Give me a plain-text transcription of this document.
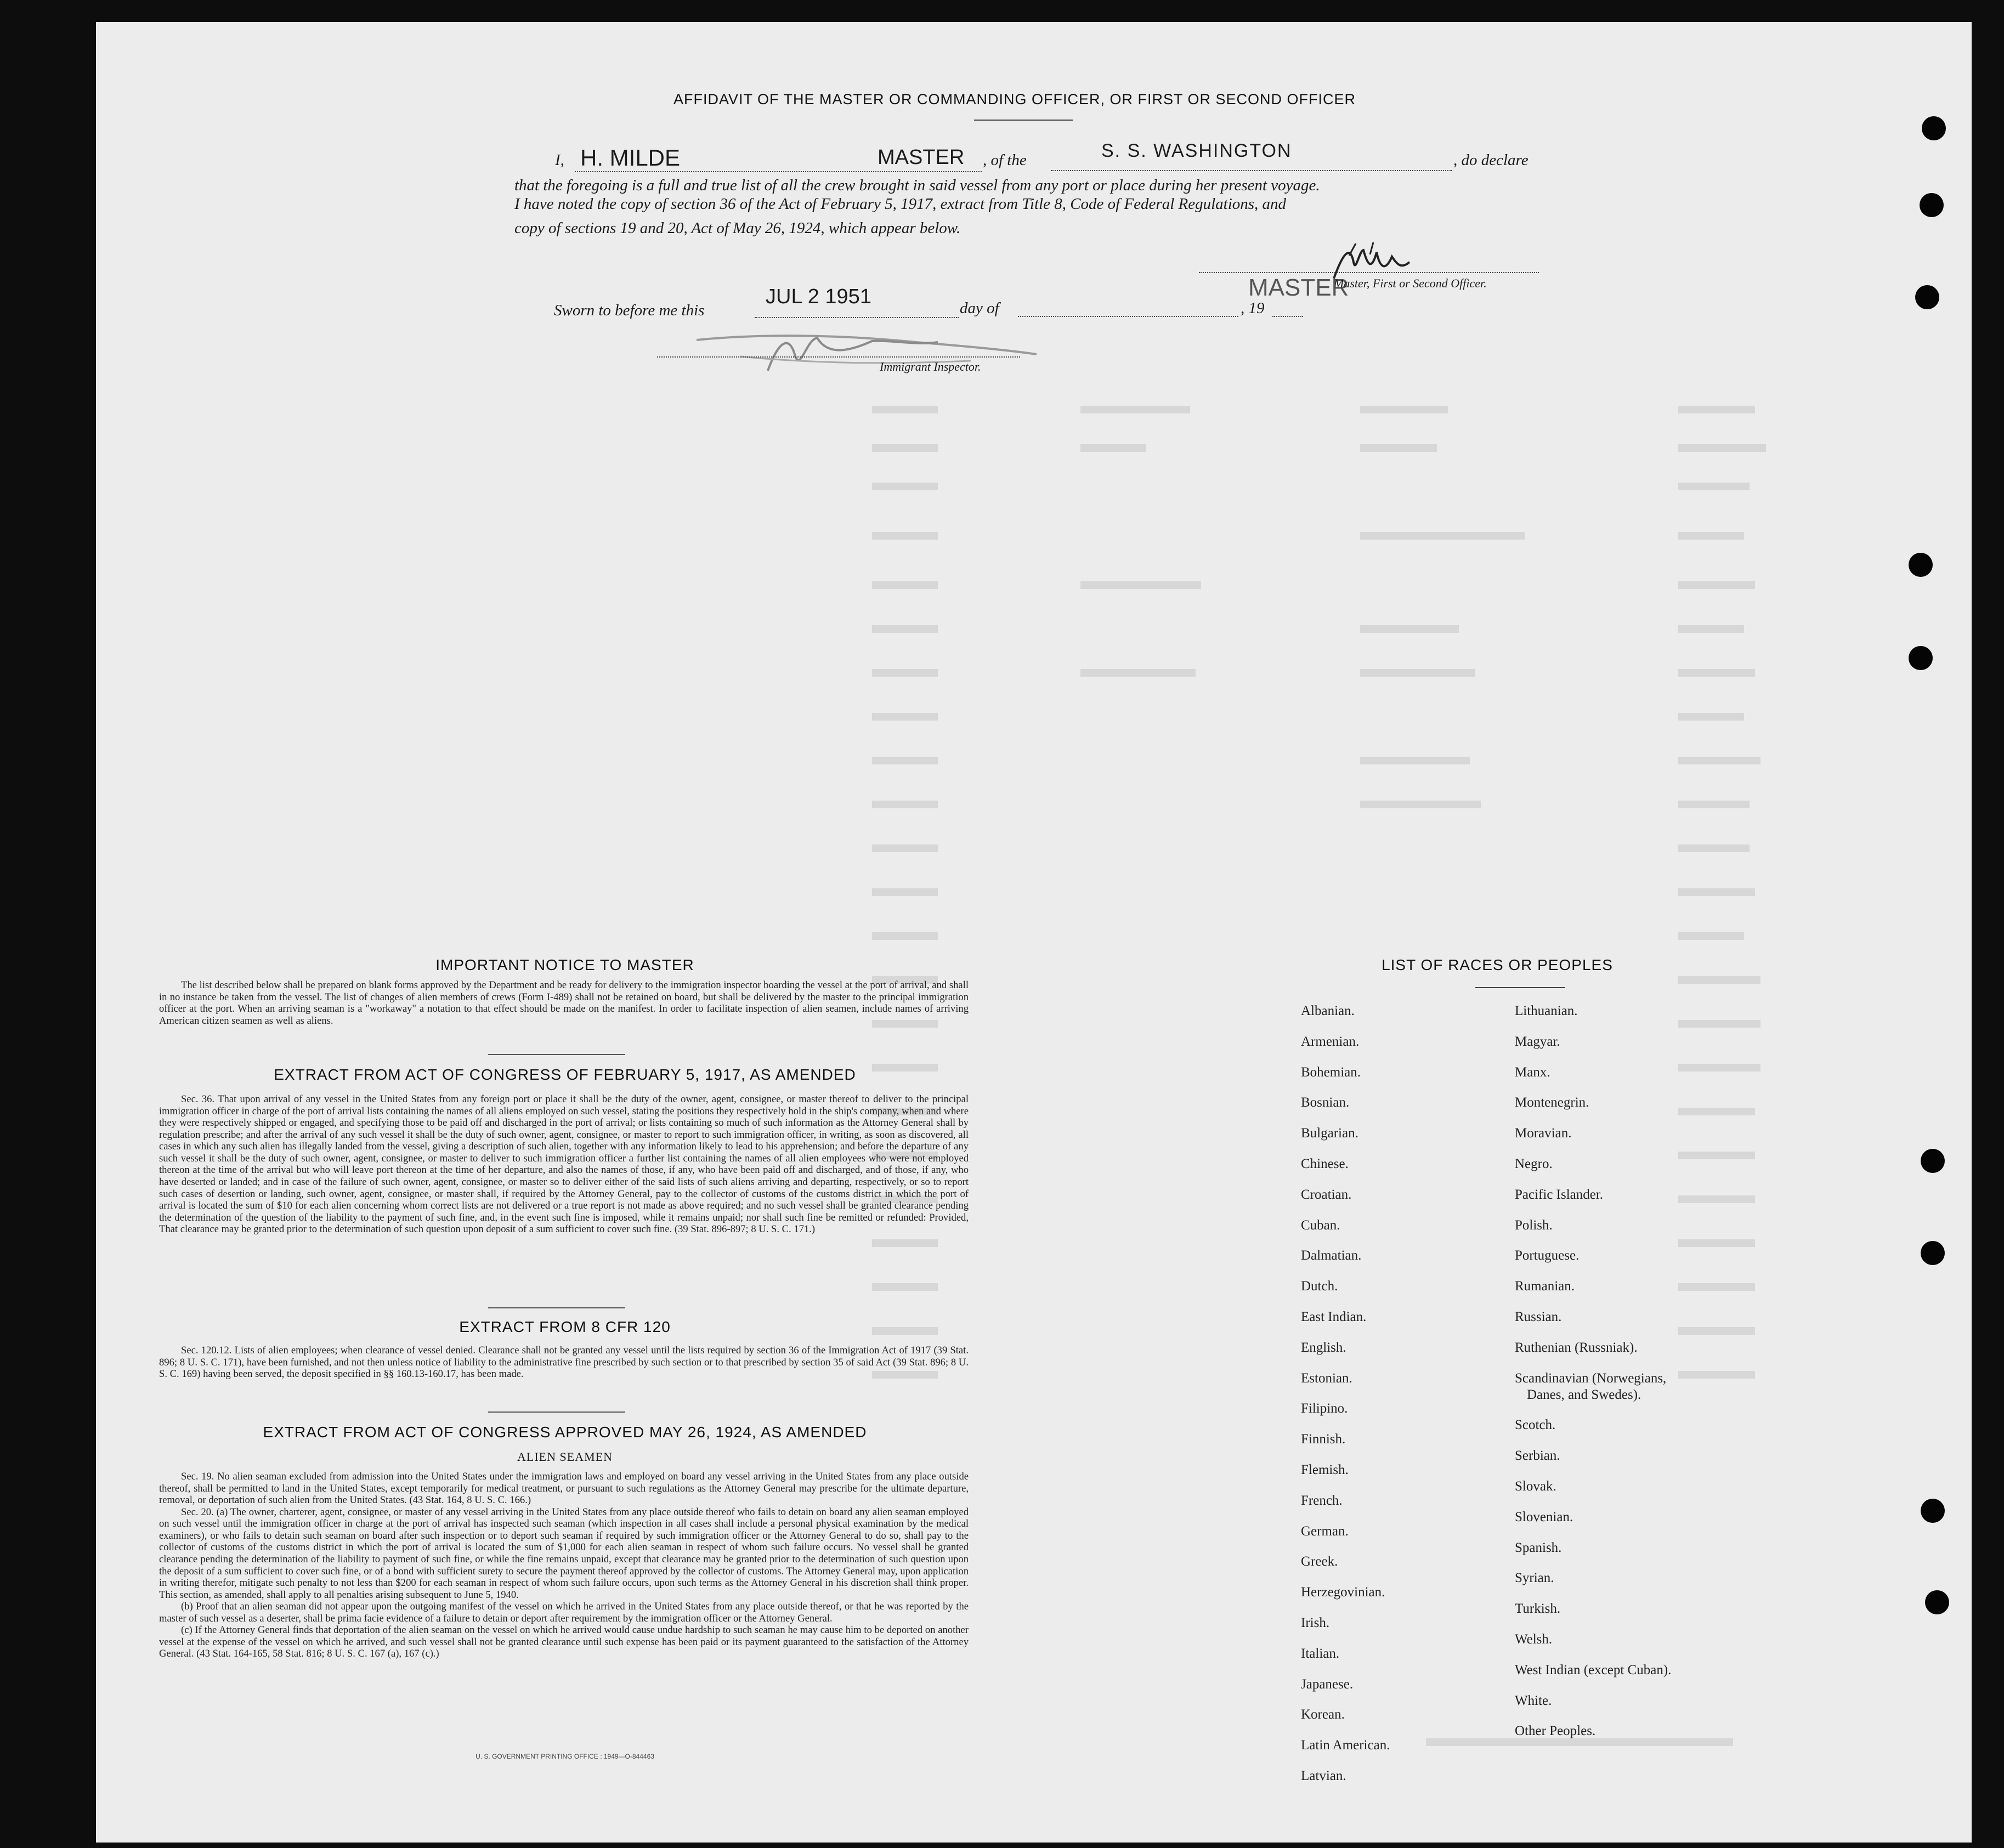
AFFIDAVIT OF THE MASTER OR COMMANDING OFFICER, OR FIRST OR SECOND OFFICER
I, H. MILDE	MASTER , of the	S. S. WASHINGTON	, do declare
that the foregoing is a full and true list of all the crew brought in said vessel from any port or place during her present voyage.
I have noted the copy of section 36 of the Act of February 5, 1917, extract from Title 8, Code of Federal Regulations, and
copy of sections 19 and 20, Act of May 26, 1924, which appear below.
MASTER
Master, First or Second Officer.
Sworn to before me this
JUL 2 1951	day of	, 19
Immigrant Inspector.
IMPORTANT NOTICE TO MASTER
The list described below shall be prepared on blank forms approved by the Department and be ready for delivery to the immigration inspector boarding the vessel at the port of arrival, and shall in no instance be taken from the vessel. The list of changes of alien members of crews (Form I-489) shall not be retained on board, but shall be delivered by the master to the principal immigration officer at the port. When an arriving seaman is a "workaway" a notation to that effect should be made on the manifest. In order to facilitate inspection of alien seamen, include names of arriving American citizen seamen as well as aliens.
EXTRACT FROM ACT OF CONGRESS OF FEBRUARY 5, 1917, AS AMENDED
Sec. 36. That upon arrival of any vessel in the United States from any foreign port or place it shall be the duty of the owner, agent, consignee, or master thereof to deliver to the principal immigration officer in charge of the port of arrival lists containing the names of all aliens employed on such vessel, stating the positions they respectively hold in the ship's company, when and where they were respectively shipped or engaged, and specifying those to be paid off and discharged in the port of arrival; or lists containing so much of such information as the Attorney General shall by regulation prescribe; and after the arrival of any such vessel it shall be the duty of such owner, agent, consignee, or master to report to such immigration officer, in writing, as soon as discovered, all cases in which any such alien has illegally landed from the vessel, giving a description of such alien, together with any information likely to lead to his apprehension; and before the departure of any such vessel it shall be the duty of such owner, agent, consignee, or master to deliver to such immigration officer a further list containing the names of all alien employees who were not employed thereon at the time of the arrival but who will leave port thereon at the time of her departure, and also the names of those, if any, who have been paid off and discharged, and of those, if any, who have deserted or landed; and in case of the failure of such owner, agent, consignee, or master so to deliver either of the said lists of such aliens arriving and departing, respectively, or so to report such cases of desertion or landing, such owner, agent, consignee, or master shall, if required by the Attorney General, pay to the collector of customs of the customs district in which the port of arrival is located the sum of $10 for each alien concerning whom correct lists are not delivered or a true report is not made as above required; and no such vessel shall be granted clearance pending the determination of the question of the liability to the payment of such fine, and, in the event such fine is imposed, while it remains unpaid; nor shall such fine be remitted or refunded: Provided, That clearance may be granted prior to the determination of such question upon deposit of a sum sufficient to cover such fine. (39 Stat. 896-897; 8 U. S. C. 171.)
EXTRACT FROM 8 CFR 120
Sec. 120.12. Lists of alien employees; when clearance of vessel denied. Clearance shall not be granted any vessel until the lists required by section 36 of the Immigration Act of 1917 (39 Stat. 896; 8 U. S. C. 171), have been furnished, and not then unless notice of liability to the administrative fine prescribed by such section or to that prescribed by section 35 of said Act (39 Stat. 896; 8 U. S. C. 169) having been served, the deposit specified in §§ 160.13-160.17, has been made.
EXTRACT FROM ACT OF CONGRESS APPROVED MAY 26, 1924, AS AMENDED
ALIEN SEAMEN
Sec. 19. No alien seaman excluded from admission into the United States under the immigration laws and employed on board any vessel arriving in the United States from any place outside thereof, shall be permitted to land in the United States, except temporarily for medical treatment, or pursuant to such regulations as the Attorney General may prescribe for the ultimate departure, removal, or deportation of such alien from the United States. (43 Stat. 164, 8 U. S. C. 166.)
Sec. 20. (a) The owner, charterer, agent, consignee, or master of any vessel arriving in the United States from any place outside thereof who fails to detain on board any alien seaman employed on such vessel until the immigration officer in charge at the port of arrival has inspected such seaman (which inspection in all cases shall include a personal physical examination by the medical examiners), or who fails to detain such seaman on board after such inspection or to deport such seaman if required by such immigration officer or the Attorney General to do so, shall pay to the collector of customs of the customs district in which the port of arrival is located the sum of $1,000 for each alien seaman in respect of whom such failure occurs. No vessel shall be granted clearance pending the determination of the liability to payment of such fine, or while the fine remains unpaid, except that clearance may be granted prior to the determination of such question upon the deposit of a sum sufficient to cover such fine, or of a bond with sufficient surety to secure the payment thereof approved by the collector of customs. The Attorney General may, upon application in writing therefor, mitigate such penalty to not less than $200 for each seaman in respect of whom such failure occurs, upon such terms as the Attorney General in his discretion shall think proper. This section, as amended, shall apply to all penalties arising subsequent to June 5, 1940.
(b) Proof that an alien seaman did not appear upon the outgoing manifest of the vessel on which he arrived in the United States from any place outside thereof, or that he was reported by the master of such vessel as a deserter, shall be prima facie evidence of a failure to detain or deport after requirement by the immigration officer or the Attorney General.
(c) If the Attorney General finds that deportation of the alien seaman on the vessel on which he arrived would cause undue hardship to such seaman he may cause him to be deported on another vessel at the expense of the vessel on which he arrived, and such vessel shall not be granted clearance until such expense has been paid or its payment guaranteed to the satisfaction of the Attorney General. (43 Stat. 164-165, 58 Stat. 816; 8 U. S. C. 167 (a), 167 (c).)
U. S. GOVERNMENT PRINTING OFFICE : 1949—O-844463
LIST OF RACES OR PEOPLES
Albanian.
Armenian.
Bohemian.
Bosnian.
Bulgarian.
Chinese.
Croatian.
Cuban.
Dalmatian.
Dutch.
East Indian.
English.
Estonian.
Filipino.
Finnish.
Flemish.
French.
German.
Greek.
Herzegovinian.
Irish.
Italian.
Japanese.
Korean.
Latin American.
Latvian.
Lithuanian.
Magyar.
Manx.
Montenegrin.
Moravian.
Negro.
Pacific Islander.
Polish.
Portuguese.
Rumanian.
Russian.
Ruthenian (Russniak).
Scandinavian (Norwegians,
Danes, and Swedes).
Scotch.
Serbian.
Slovak.
Slovenian.
Spanish.
Syrian.
Turkish.
Welsh.
West Indian (except Cuban).
White.
Other Peoples.
